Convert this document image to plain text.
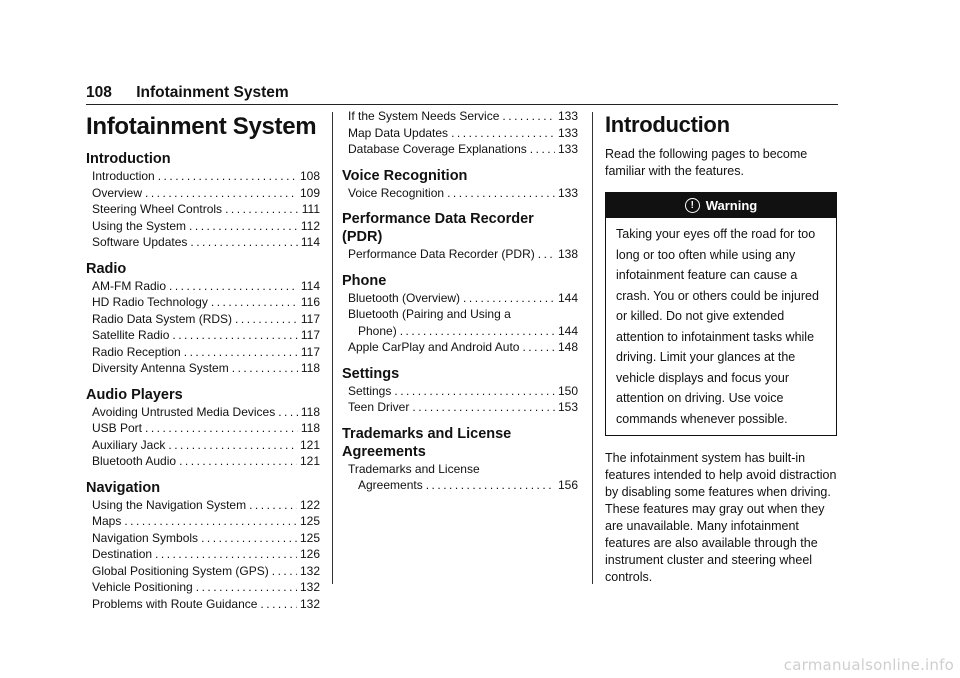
108 Infotainment System
Infotainment System
Introduction
Introduction .....	108
Overview .....	109
Steering Wheel Controls .....	111
Using the System .....	112
Software Updates .....	114
Radio
AM-FM Radio .....	114
HD Radio Technology .....	116
Radio Data System (RDS) .....	117
Satellite Radio .....	117
Radio Reception .....	117
Diversity Antenna System .....	118
Audio Players
Avoiding Untrusted Media Devices ..... 118
USB Port .....	118
Auxiliary Jack .....	121
Bluetooth Audio .....	121
Navigation
Using the Navigation System .....	122
Maps .....	125
Navigation Symbols .....	125
Destination .....	126
Global Positioning System (GPS) .....	132
Vehicle Positioning .....	132
Problems with Route Guidance .....	132
If the System Needs Service .....	133
Map Data Updates .....	133
Database Coverage Explanations .....	133
Voice Recognition
Voice Recognition .....	133
Performance Data Recorder (PDR)
Performance Data Recorder (PDR) ..... 138
Phone
Bluetooth (Overview) .....	144
Bluetooth (Pairing and Using a
Phone) .....	144
Apple CarPlay and Android Auto .....	148
Settings
Settings .....	150
Teen Driver .....	153
Trademarks and License Agreements
Trademarks and License
Agreements .....	156
Introduction

Read the following pages to become familiar with the features.

! Warning
Taking your eyes off the road for too long or too often while using any infotainment feature can cause a crash. You or others could be injured or killed. Do not give extended attention to infotainment tasks while driving. Limit your glances at the vehicle displays and focus your attention on driving. Use voice commands whenever possible.

The infotainment system has built-in features intended to help avoid distraction by disabling some features when driving. These features may gray out when they are unavailable. Many infotainment features are also available through the instrument cluster and steering wheel controls.

carmanualsonline.info
